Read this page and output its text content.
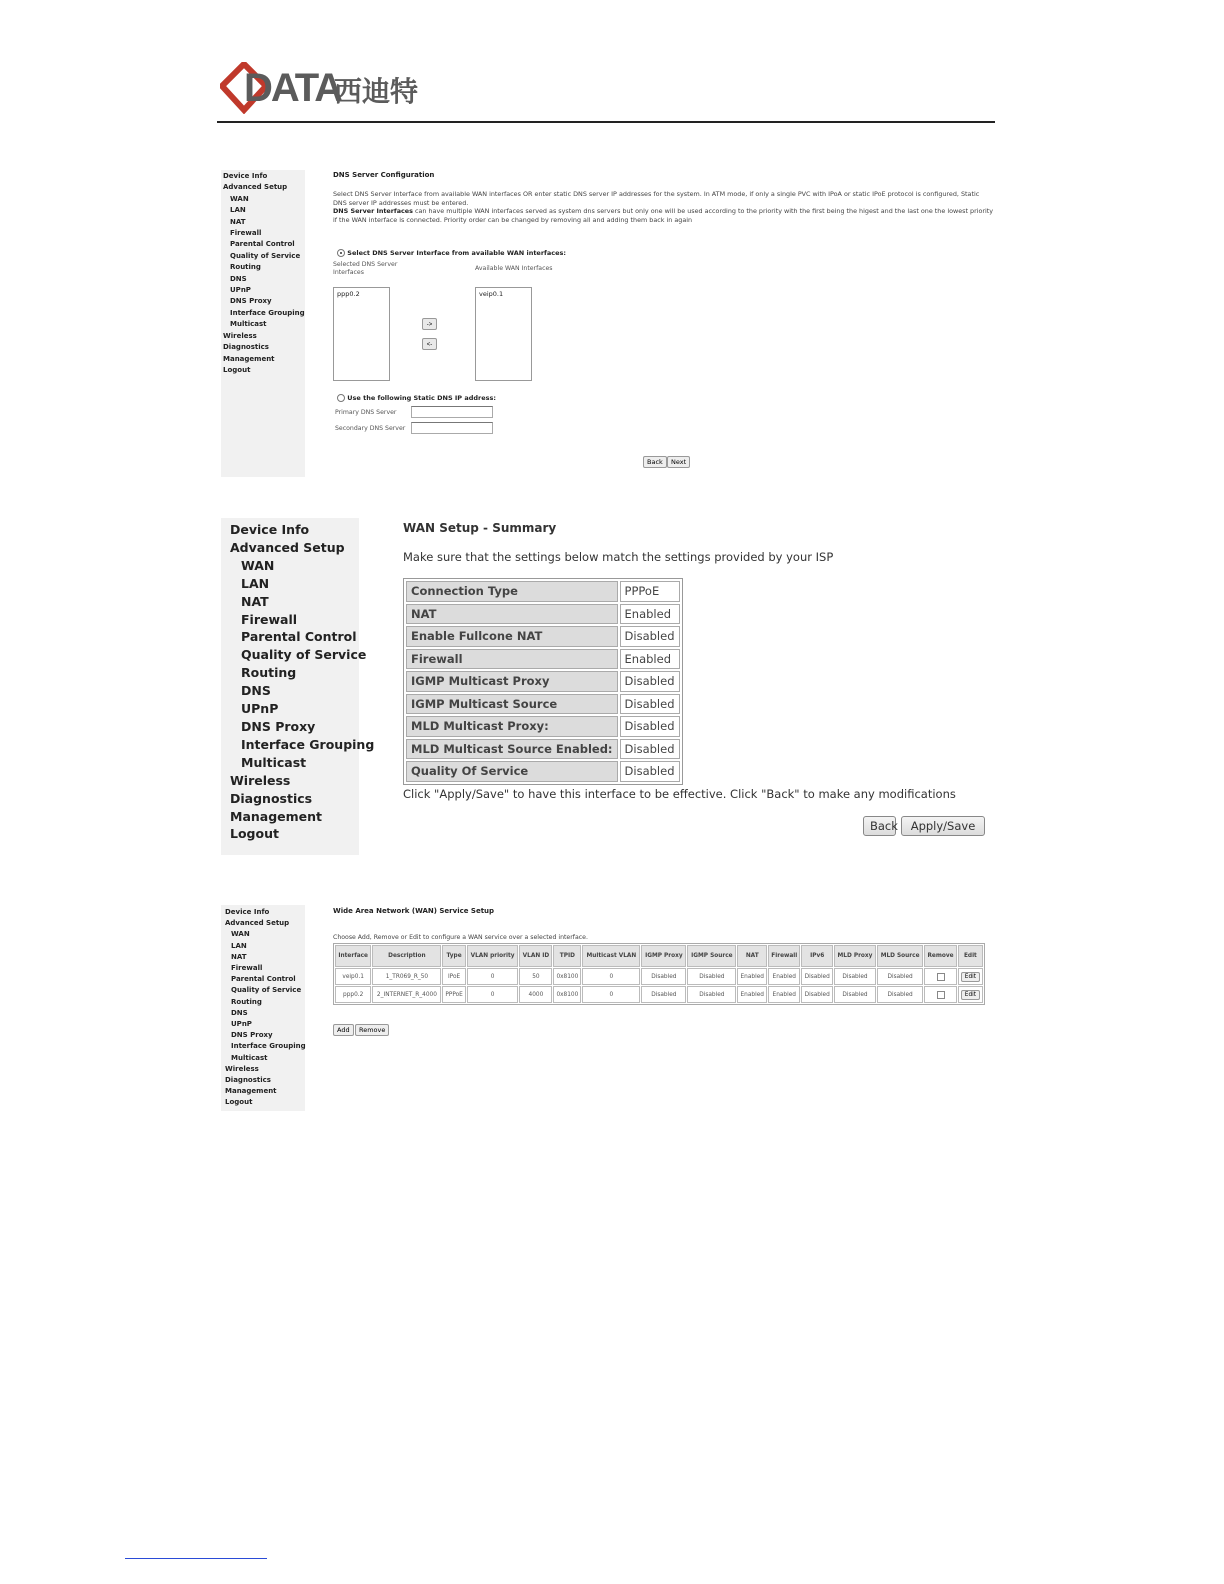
DATA
西迪特
Device Info
Advanced Setup
WAN
LAN
NAT
Firewall
Parental Control
Quality of Service
Routing
DNS
UPnP
DNS Proxy
Interface Grouping
Multicast
Wireless
Diagnostics
Management
Logout
DNS Server Configuration
Select DNS Server Interface from available WAN interfaces OR enter static DNS server IP addresses for the system. In ATM mode, if only a single PVC with IPoA or static IPoE protocol is configured, Static DNS server IP addresses must be entered.
DNS Server Interfaces can have multiple WAN interfaces served as system dns servers but only one will be used according to the priority with the first being the higest and the last one the lowest priority if the WAN interface is connected. Priority order can be changed by removing all and adding them back in again
Select DNS Server Interface from available WAN interfaces:
Selected DNS Server Interfaces
Available WAN Interfaces
ppp0.2	veip0.1
->
<-
Use the following Static DNS IP address:
Primary DNS Server
Secondary DNS Server
Back	Next
Device Info
Advanced Setup
WAN
LAN
NAT
Firewall
Parental Control
Quality of Service
Routing
DNS
UPnP
DNS Proxy
Interface Grouping
Multicast
Wireless
Diagnostics
Management
Logout
WAN Setup - Summary
Make sure that the settings below match the settings provided by your ISP
Connection Type	PPPoE
NAT	Enabled
Enable Fullcone NAT	Disabled
Firewall	Enabled
IGMP Multicast Proxy	Disabled
IGMP Multicast Source	Disabled
MLD Multicast Proxy:	Disabled
MLD Multicast Source Enabled:	Disabled
Quality Of Service	Disabled
Click "Apply/Save" to have this interface to be effective. Click "Back" to make any modifications
Back	Apply/Save
Device Info
Advanced Setup
WAN
LAN
NAT
Firewall
Parental Control
Quality of Service
Routing
DNS
UPnP
DNS Proxy
Interface Grouping
Multicast
Wireless
Diagnostics
Management
Logout
Wide Area Network (WAN) Service Setup
Choose Add, Remove or Edit to configure a WAN service over a selected interface.
Interface	Description	Type	VLAN priority	VLAN ID	TPID	Multicast VLAN	IGMP Proxy	IGMP Source	NAT	Firewall	IPv6	MLD Proxy	MLD Source	Remove	Edit
veip0.1	1_TR069_R_50	IPoE	0	50	0x8100	0	Disabled	Disabled	Enabled	Enabled	Disabled	Disabled	Disabled		Edit
ppp0.2	2_INTERNET_R_4000	PPPoE	0	4000	0x8100	0	Disabled	Disabled	Enabled	Enabled	Disabled	Disabled	Disabled		Edit
Add	Remove
